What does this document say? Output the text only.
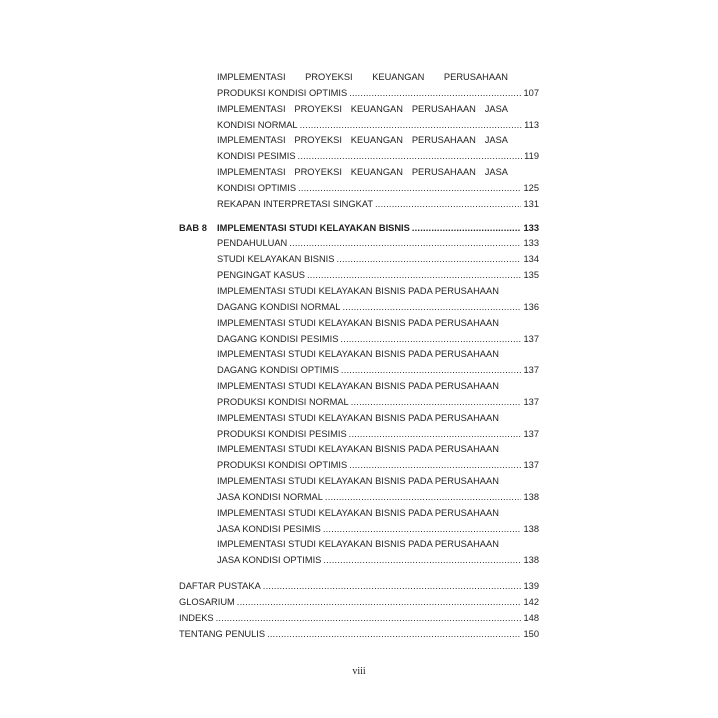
IMPLEMENTASI PROYEKSI KEUANGAN PERUSAHAAN
PRODUKSI KONDISI OPTIMIS .....	107
IMPLEMENTASI PROYEKSI KEUANGAN PERUSAHAAN JASA
KONDISI NORMAL .....	113
IMPLEMENTASI PROYEKSI KEUANGAN PERUSAHAAN JASA
KONDISI PESIMIS .....	119
IMPLEMENTASI PROYEKSI KEUANGAN PERUSAHAAN JASA
KONDISI OPTIMIS .....	125
REKAPAN INTERPRETASI SINGKAT .....	131
BAB 8 IMPLEMENTASI STUDI KELAYAKAN BISNIS .....	133
PENDAHULUAN .....	133
STUDI KELAYAKAN BISNIS .....	134
PENGINGAT KASUS .....	135
IMPLEMENTASI STUDI KELAYAKAN BISNIS PADA PERUSAHAAN
DAGANG KONDISI NORMAL .....	136
IMPLEMENTASI STUDI KELAYAKAN BISNIS PADA PERUSAHAAN
DAGANG KONDISI PESIMIS .....	137
IMPLEMENTASI STUDI KELAYAKAN BISNIS PADA PERUSAHAAN
DAGANG KONDISI OPTIMIS .....	137
IMPLEMENTASI STUDI KELAYAKAN BISNIS PADA PERUSAHAAN
PRODUKSI KONDISI NORMAL .....	137
IMPLEMENTASI STUDI KELAYAKAN BISNIS PADA PERUSAHAAN
PRODUKSI KONDISI PESIMIS .....	137
IMPLEMENTASI STUDI KELAYAKAN BISNIS PADA PERUSAHAAN
PRODUKSI KONDISI OPTIMIS .....	137
IMPLEMENTASI STUDI KELAYAKAN BISNIS PADA PERUSAHAAN
JASA KONDISI NORMAL .....	138
IMPLEMENTASI STUDI KELAYAKAN BISNIS PADA PERUSAHAAN
JASA KONDISI PESIMIS .....	138
IMPLEMENTASI STUDI KELAYAKAN BISNIS PADA PERUSAHAAN
JASA KONDISI OPTIMIS .....	138
DAFTAR PUSTAKA .....	139
GLOSARIUM .....	142
INDEKS .....	148
TENTANG PENULIS .....	150
viii
